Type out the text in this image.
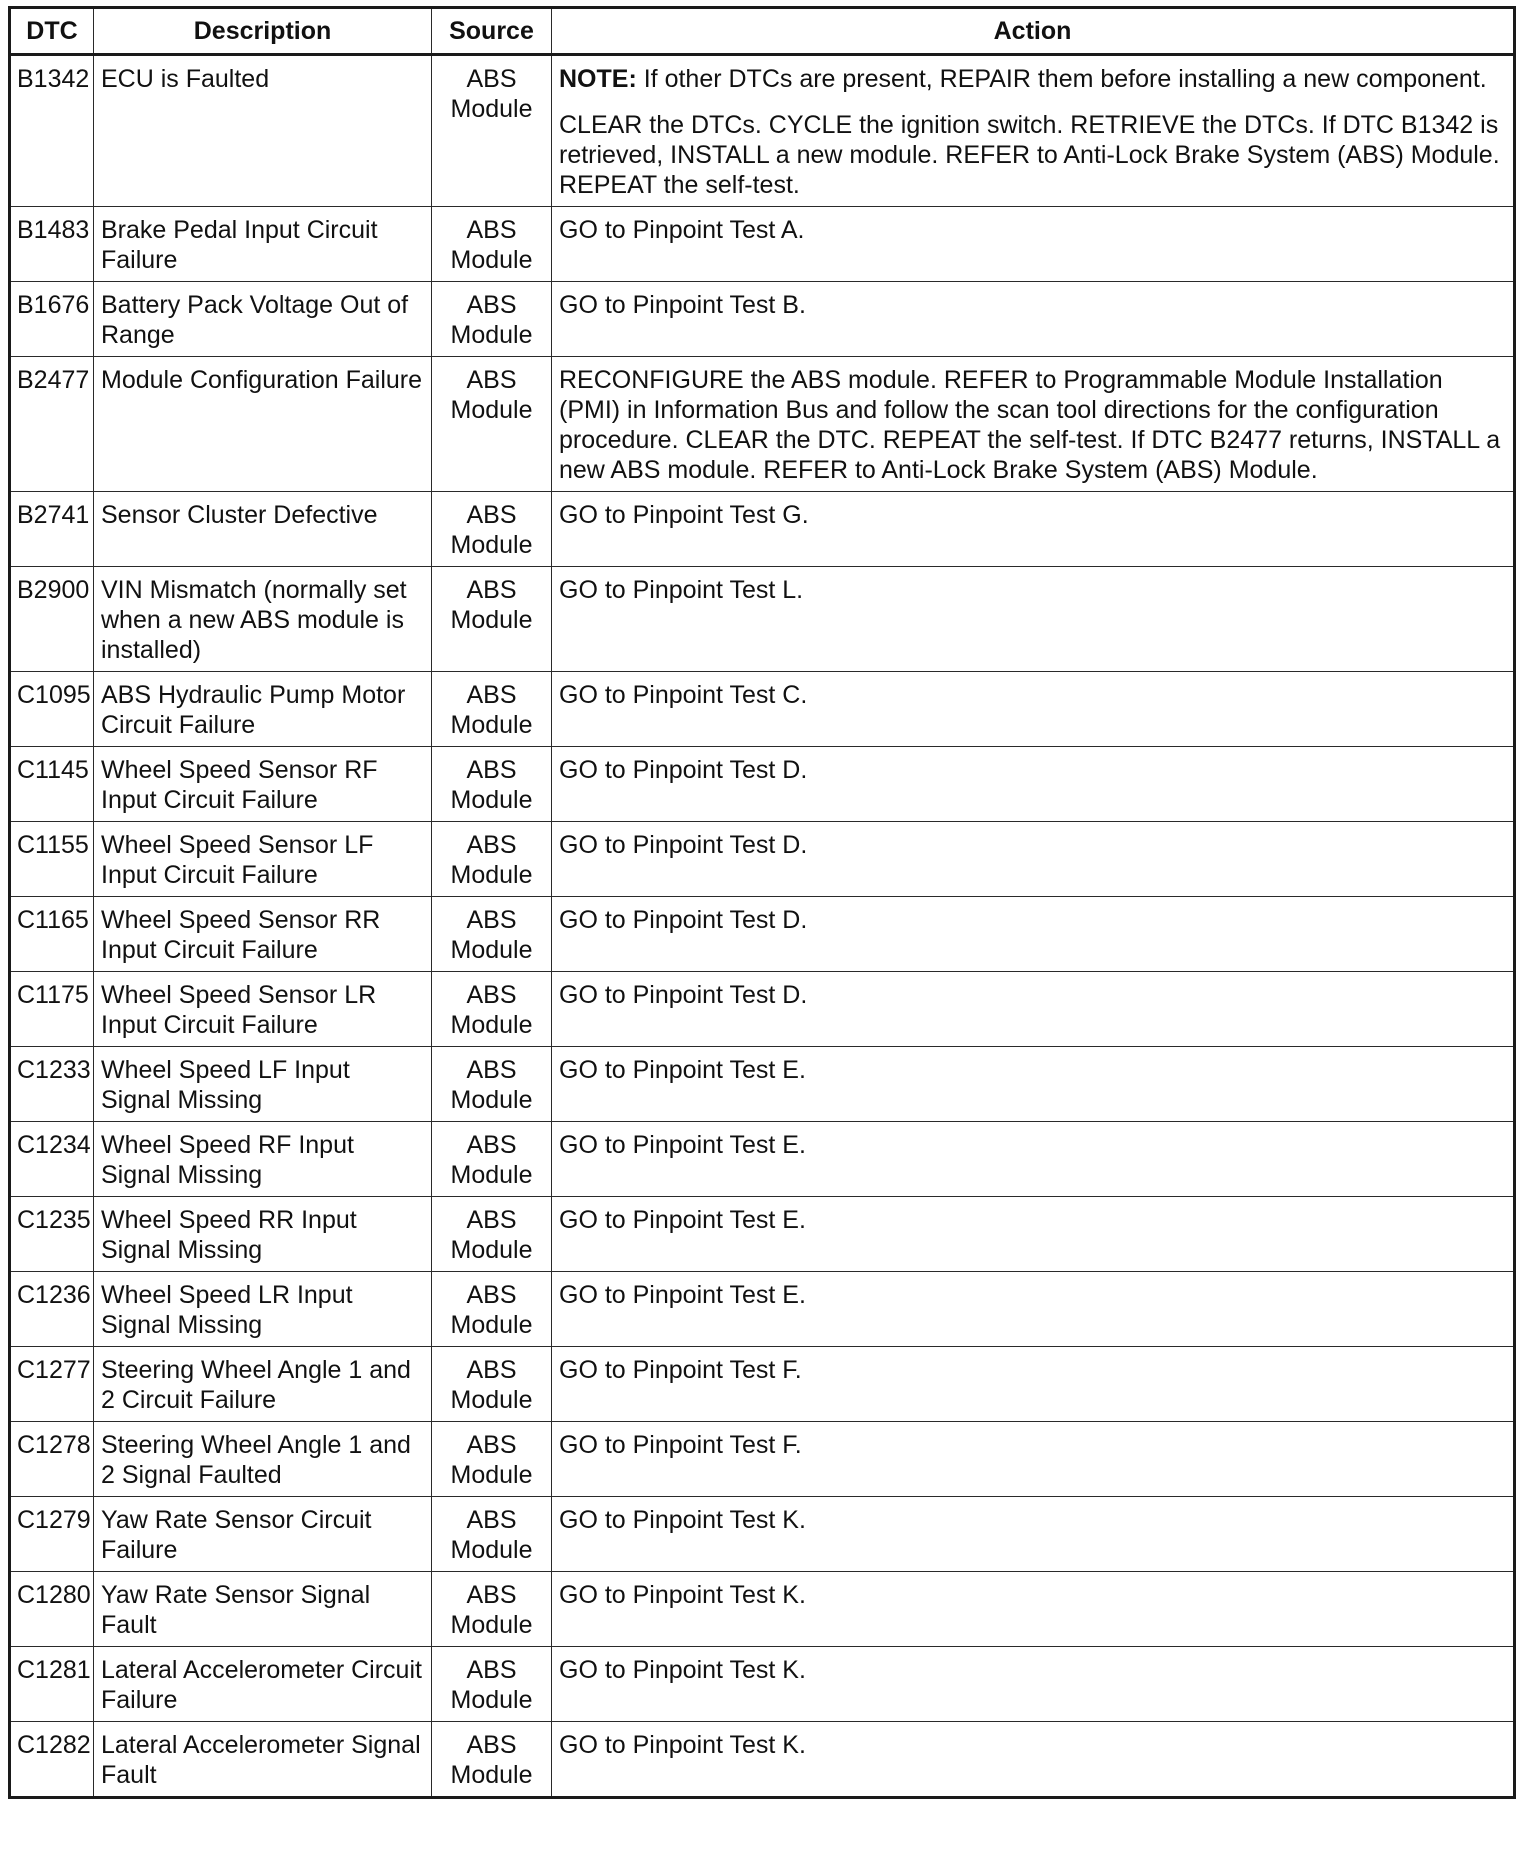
DTC	Description	Source	Action
B1342	ECU is Faulted	ABS Module	NOTE: If other DTCs are present, REPAIR them before installing a new component.
CLEAR the DTCs. CYCLE the ignition switch. RETRIEVE the DTCs. If DTC B1342 is retrieved, INSTALL a new module. REFER to Anti-Lock Brake System (ABS) Module. REPEAT the self-test.

B1483	Brake Pedal Input Circuit Failure	ABS Module	GO to Pinpoint Test A.
B1676	Battery Pack Voltage Out of Range	ABS Module	GO to Pinpoint Test B.
B2477	Module Configuration Failure	ABS Module	RECONFIGURE the ABS module. REFER to Programmable Module Installation (PMI) in Information Bus and follow the scan tool directions for the configuration procedure. CLEAR the DTC. REPEAT the self-test. If DTC B2477 returns, INSTALL a new ABS module. REFER to Anti-Lock Brake System (ABS) Module.
B2741	Sensor Cluster Defective	ABS Module	GO to Pinpoint Test G.
B2900	VIN Mismatch (normally set when a new ABS module is installed)	ABS Module	GO to Pinpoint Test L.
C1095	ABS Hydraulic Pump Motor Circuit Failure	ABS Module	GO to Pinpoint Test C.
C1145	Wheel Speed Sensor RF Input Circuit Failure	ABS Module	GO to Pinpoint Test D.
C1155	Wheel Speed Sensor LF Input Circuit Failure	ABS Module	GO to Pinpoint Test D.
C1165	Wheel Speed Sensor RR Input Circuit Failure	ABS Module	GO to Pinpoint Test D.
C1175	Wheel Speed Sensor LR Input Circuit Failure	ABS Module	GO to Pinpoint Test D.
C1233	Wheel Speed LF Input Signal Missing	ABS Module	GO to Pinpoint Test E.
C1234	Wheel Speed RF Input Signal Missing	ABS Module	GO to Pinpoint Test E.
C1235	Wheel Speed RR Input Signal Missing	ABS Module	GO to Pinpoint Test E.
C1236	Wheel Speed LR Input Signal Missing	ABS Module	GO to Pinpoint Test E.
C1277	Steering Wheel Angle 1 and 2 Circuit Failure	ABS Module	GO to Pinpoint Test F.
C1278	Steering Wheel Angle 1 and 2 Signal Faulted	ABS Module	GO to Pinpoint Test F.
C1279	Yaw Rate Sensor Circuit Failure	ABS Module	GO to Pinpoint Test K.
C1280	Yaw Rate Sensor Signal Fault	ABS Module	GO to Pinpoint Test K.
C1281	Lateral Accelerometer Circuit Failure	ABS Module	GO to Pinpoint Test K.
C1282	Lateral Accelerometer Signal Fault	ABS Module	GO to Pinpoint Test K.
